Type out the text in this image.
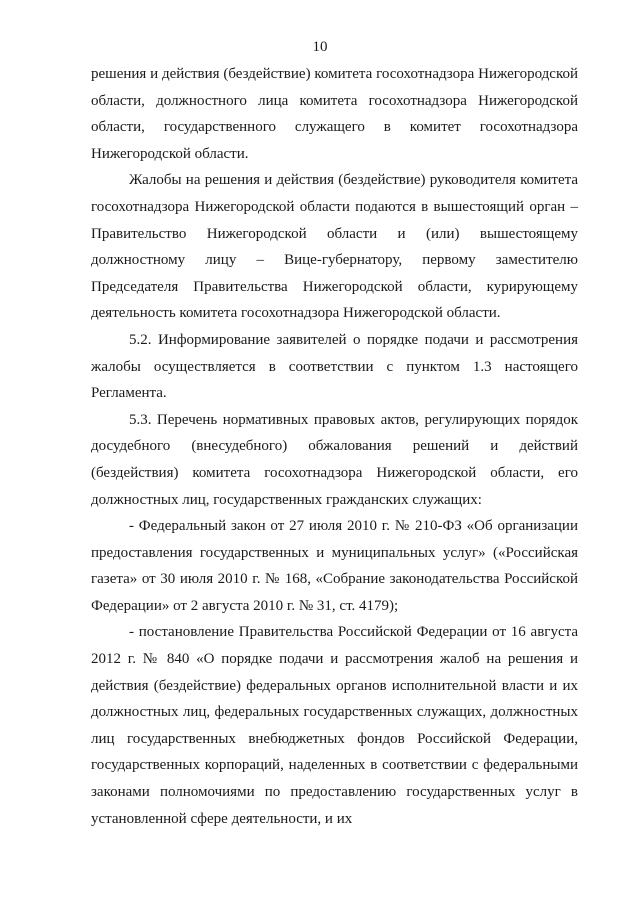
10

решения и действия (бездействие) комитета госохотнадзора Нижегородской области, должностного лица комитета госохотнадзора Нижегородской области, государственного служащего в комитет госохотнадзора Нижегородской области.

Жалобы на решения и действия (бездействие) руководителя комитета госохотнадзора Нижегородской области подаются в вышестоящий орган – Правительство Нижегородской области и (или) вышестоящему должностному лицу – Вице-губернатору, первому заместителю Председателя Правительства Нижегородской области, курирующему деятельность комитета госохотнадзора Нижегородской области.

5.2. Информирование заявителей о порядке подачи и рассмотрения жалобы осуществляется в соответствии с пунктом 1.3 настоящего Регламента.

5.3. Перечень нормативных правовых актов, регулирующих порядок досудебного (внесудебного) обжалования решений и действий (бездействия) комитета госохотнадзора Нижегородской области, его должностных лиц, государственных гражданских служащих:

- Федеральный закон от 27 июля 2010 г. № 210-ФЗ «Об организации предоставления государственных и муниципальных услуг» («Российская газета» от 30 июля 2010 г. № 168, «Собрание законодательства Российской Федерации» от 2 августа 2010 г. № 31, ст. 4179);

- постановление Правительства Российской Федерации от 16 августа 2012 г. № 840 «О порядке подачи и рассмотрения жалоб на решения и действия (бездействие) федеральных органов исполнительной власти и их должностных лиц, федеральных государственных служащих, должностных лиц государственных внебюджетных фондов Российской Федерации, государственных корпораций, наделенных в соответствии с федеральными законами полномочиями по предоставлению государственных услуг в установленной сфере деятельности, и их
